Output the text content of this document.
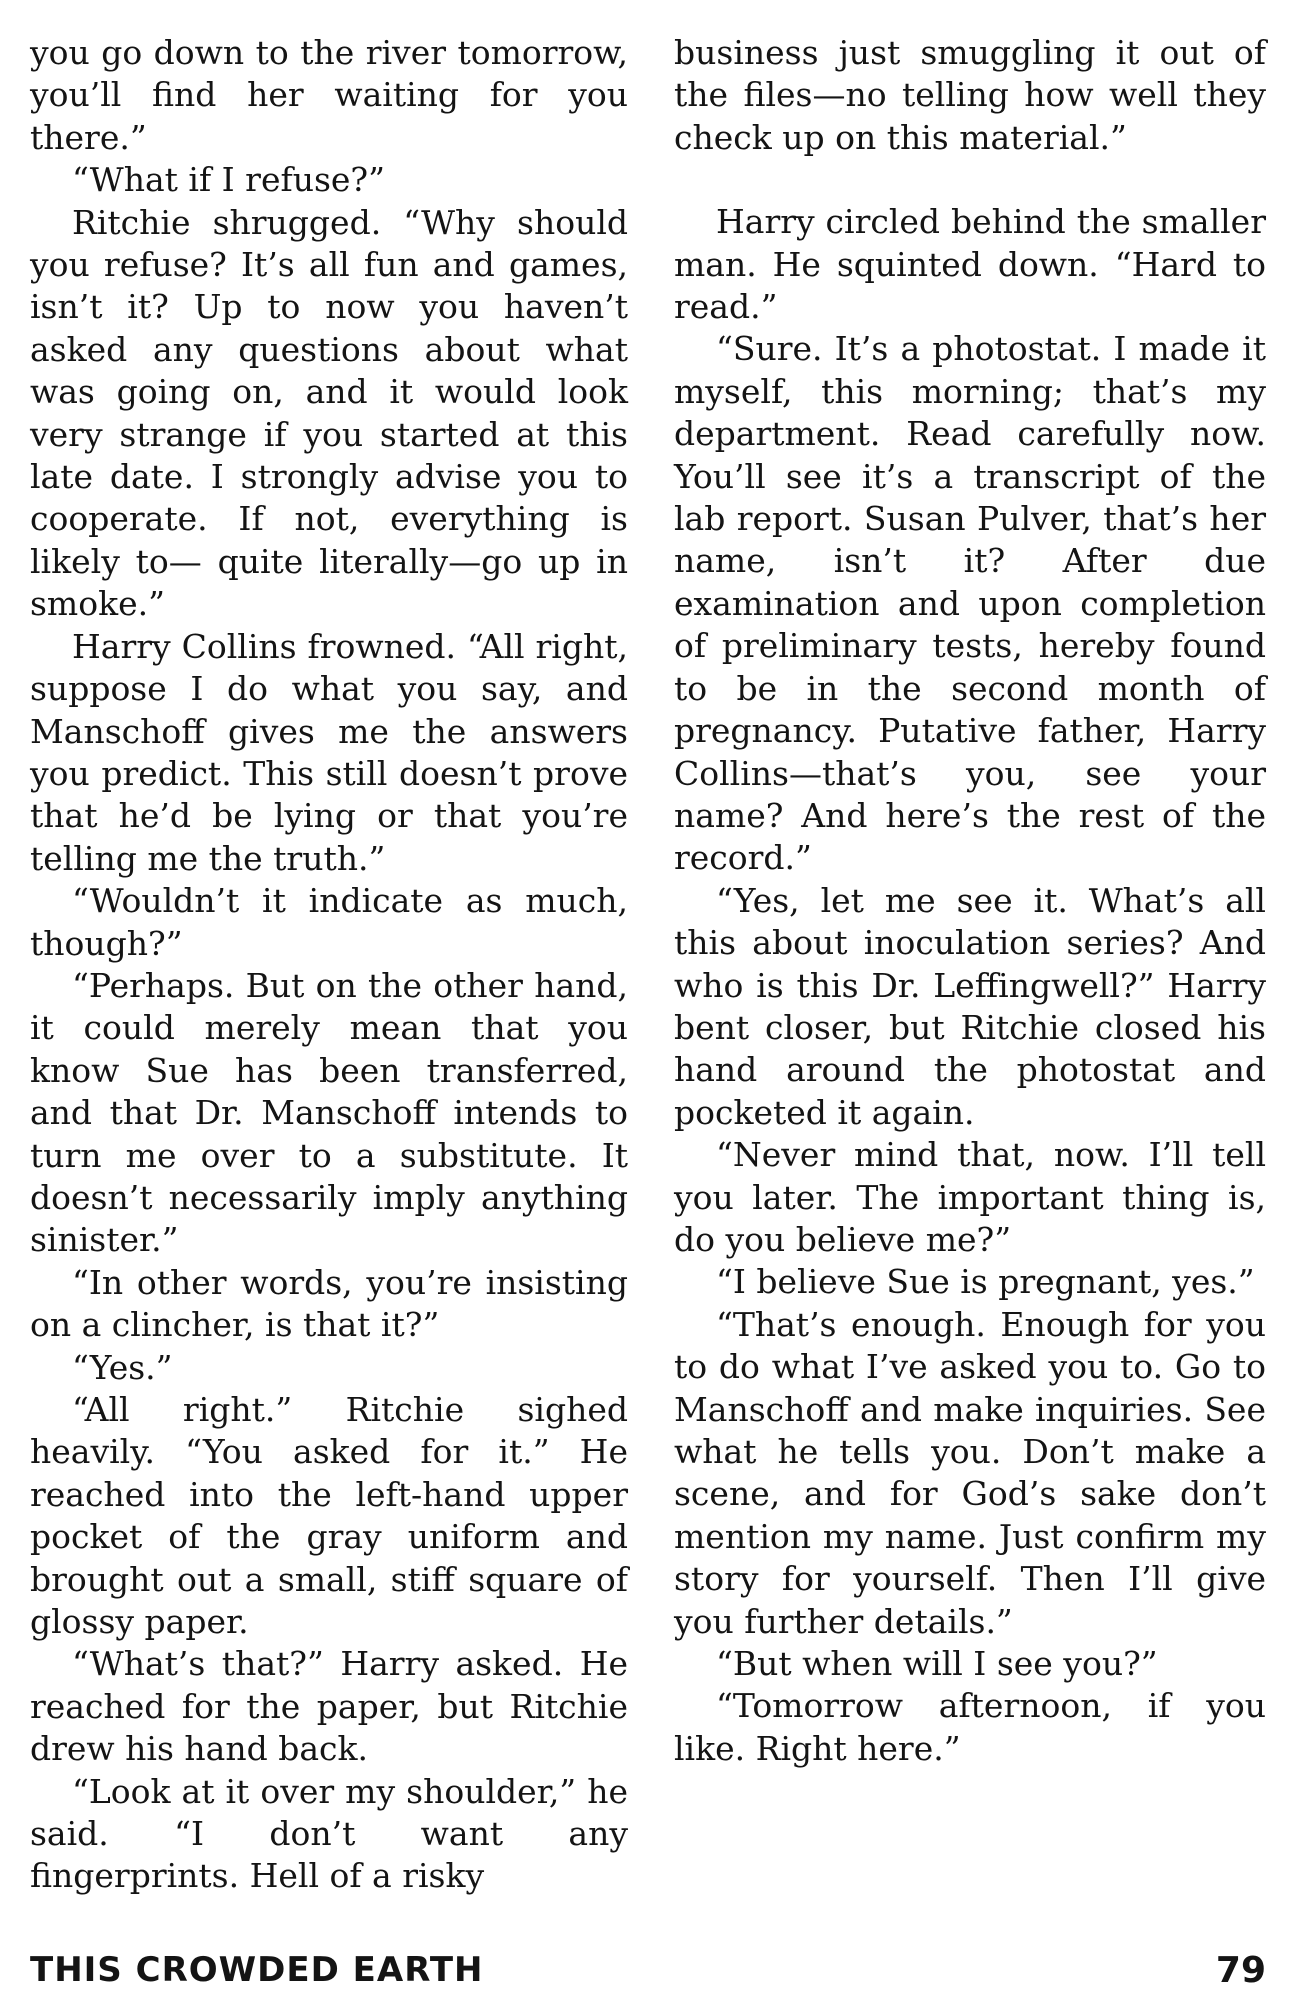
you go down to the river tomorrow, you’ll find her waiting for you there.”

“What if I refuse?”

Ritchie shrugged. “Why should you refuse? It’s all fun and games, isn’t it? Up to now you haven’t asked any questions about what was going on, and it would look very strange if you started at this late date. I strongly advise you to cooperate. If not, everything is likely to— quite literally—go up in smoke.”

Harry Collins frowned. “All right, suppose I do what you say, and Manschoff gives me the answers you predict. This still doesn’t prove that he’d be lying or that you’re telling me the truth.”

“Wouldn’t it indicate as much, though?”

“Perhaps. But on the other hand, it could merely mean that you know Sue has been transferred, and that Dr. Manschoff intends to turn me over to a substitute. It doesn’t necessarily imply anything sinister.”

“In other words, you’re insisting on a clincher, is that it?”

“Yes.”

“All right.” Ritchie sighed heavily. “You asked for it.” He reached into the left-hand upper pocket of the gray uniform and brought out a small, stiff square of glossy paper.

“What’s that?” Harry asked. He reached for the paper, but Ritchie drew his hand back.

“Look at it over my shoulder,” he said. “I don’t want any fingerprints. Hell of a risky

business just smuggling it out of the files—no telling how well they check up on this material.”

Harry circled behind the smaller man. He squinted down. “Hard to read.”

“Sure. It’s a photostat. I made it myself, this morning; that’s my department. Read carefully now. You’ll see it’s a transcript of the lab report. Susan Pulver, that’s her name, isn’t it? After due examination and upon completion of preliminary tests, hereby found to be in the second month of pregnancy. Putative father, Harry Collins—that’s you, see your name? And here’s the rest of the record.”

“Yes, let me see it. What’s all this about inoculation series? And who is this Dr. Leffingwell?” Harry bent closer, but Ritchie closed his hand around the photostat and pocketed it again.

“Never mind that, now. I’ll tell you later. The important thing is, do you believe me?”

“I believe Sue is pregnant, yes.”

“That’s enough. Enough for you to do what I’ve asked you to. Go to Manschoff and make inquiries. See what he tells you. Don’t make a scene, and for God’s sake don’t mention my name. Just confirm my story for yourself. Then I’ll give you further details.”

“But when will I see you?”

“Tomorrow afternoon, if you like. Right here.”

THIS CROWDED EARTH	79
